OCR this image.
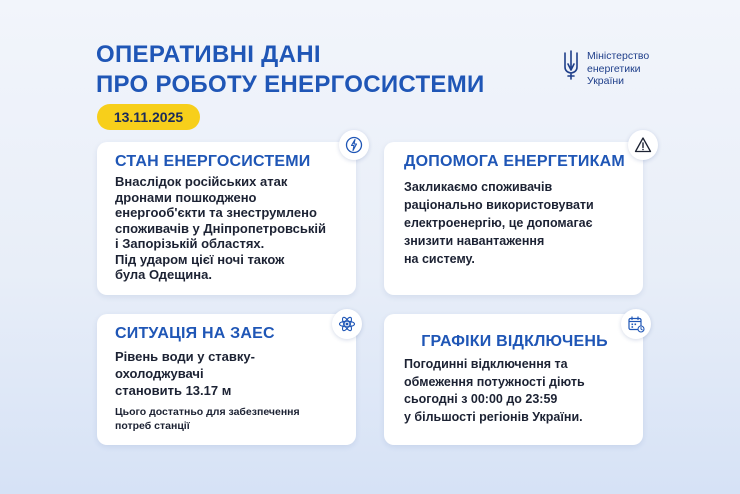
ОПЕРАТИВНІ ДАНІ
ПРО РОБОТУ ЕНЕРГОСИСТЕМИ
13.11.2025
Міністерство
енергетики
України
СТАН ЕНЕРГОСИСТЕМИ

Внаслідок російських атак
дронами пошкоджено
енергооб'єкти та знеструмлено
споживачів у Дніпропетровській
і Запорізькій областях.
Під ударом цієї ночі також
була Одещина.

ДОПОМОГА ЕНЕРГЕТИКАМ

Закликаємо споживачів
раціонально використовувати
електроенергію, це допомагає
знизити навантаження
на систему.

СИТУАЦІЯ НА ЗАЕС

Рівень води у ставку-охолоджувачі
становить 13.17 м

Цього достатньо для забезпечення
потреб станції

ГРАФІКИ ВІДКЛЮЧЕНЬ

Погодинні відключення та
обмеження потужності діють
сьогодні з 00:00 до 23:59
у більшості регіонів України.
